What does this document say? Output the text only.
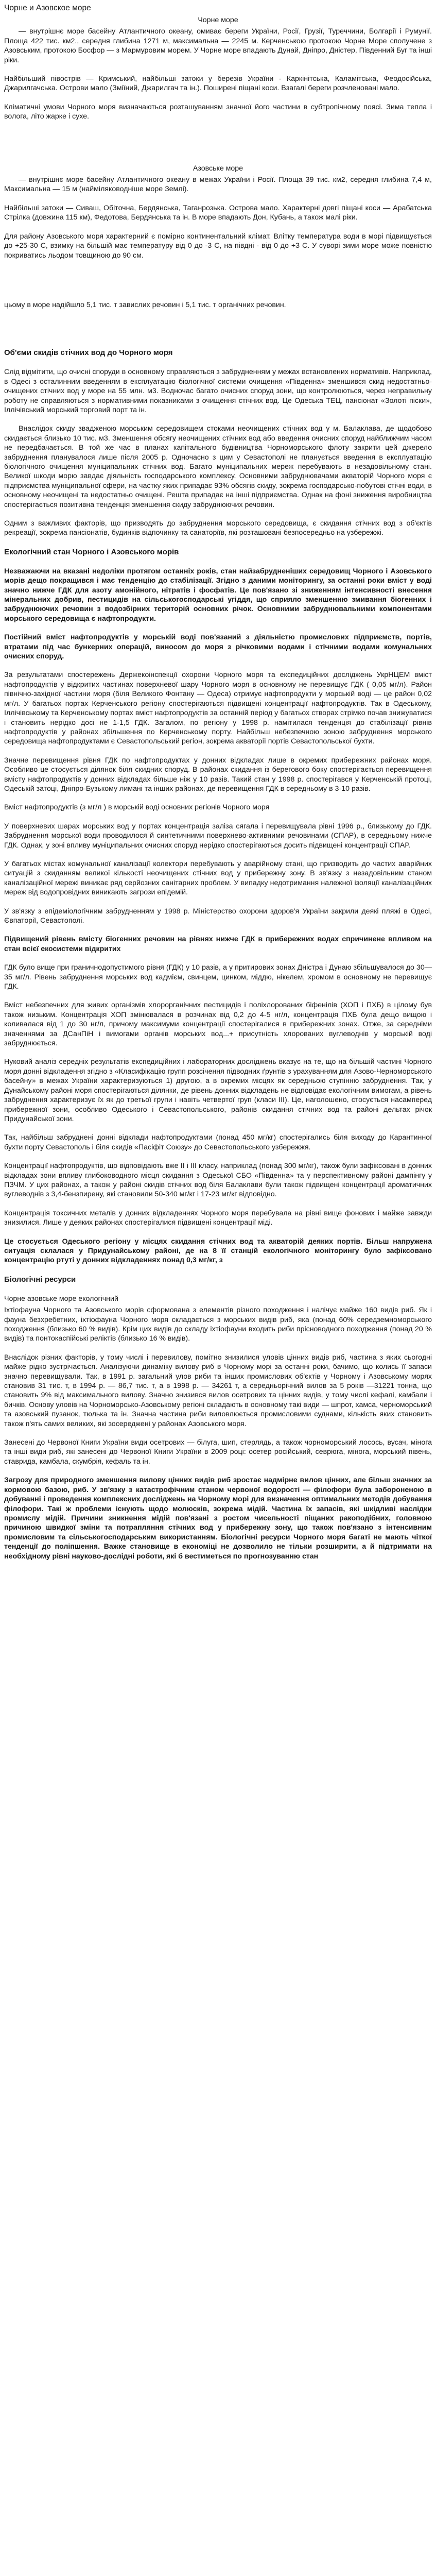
Чорне и Азовское море
Чорне море

— внутрішнє море басейну Атлантичного океану, омиває береги України, Росії, Грузії, Туреччини, Болгарії і Румунії. Площа 422 тис. км2., середня глибина 1271 м, максимальна — 2245 м. Керченською протокою Чорне Море сполучене з Азовським, протокою Босфор — з Мармуровим морем. У Чорне море впадають Дунай, Дніпро, Дністер, Південний Буг та інші ріки.

Найбільший півострів — Кримський, найбільші затоки у березів України - Каркінітська, Каламітська, Феодосійська, Джарилгачська. Острови мало (Зміїний, Джарилгач та ін.). Поширені піщані коси. Взагалі береги розчленовані мало.

Кліматичні умови Чорного моря визначаються розташуванням значної його частини в субтропічному поясі. Зима тепла і волога, літо жарке і сухе.

Азовське море

— внутрішнє море басейну Атлантичного океану в межах України і Росії. Площа 39 тис. км2, середня глибина 7,4 м, Максимальна — 15 м (найміляководніше море Землі).

Найбільші затоки — Сиваш, Обіточна, Бердянська, Таганрозька. Острова мало. Характерні довгі піщані коси — Арабатська Стрілка (довжина 115 км), Федотова, Бердянська та ін. В море впадають Дон, Кубань, а також малі ріки.

Для району Азовського моря характерний є помірно континентальний клімат. Влітку температура води в морі підвищується до +25-30 С, взимку на більшій має температуру від 0 до -3 С, на півдні - від 0 до +3 С. У суворі зими море може повністю покриватись льодом товщиною до 90 см.

цьому в море надійшло 5,1 тис. т завислих речовин і 5,1 тис. т органічних речовин.

Об'єми скидів стічних вод до Чорного моря

Слід відмітити, що очисні споруди в основному справляються з забрудненням у межах встановлених нормативів. Наприклад, в Одесі з осталинним введенням в експлуатацію біологічної системи очищення «Південна» зменшився скид недостатньо-очищених стічних вод у море на 55 млн. м3. Водночас багато очисних споруд зони, що контролюються, через неправильну роботу не справляються з нормативними показниками з очищення стічних вод. Це Одеська ТЕЦ, пансіонат «Золоті піски», Іллічівський морський торговий порт та ін.

Внаслідок скиду звадженою морським середовищем стоками неочищених стічних вод у м. Балаклава, де щодобово скидається близько 10 тис. м3. Зменшення обсягу неочищених стічних вод або введення очисних споруд найближчим часом не передбачається. В той же час в планах капітального будівництва Чорноморського флоту закрити цей джерело забруднення планувалося лише після 2005 р. Одночасно з цим у Севастополі не планується введення в експлуатацію біологічного очищення муніципальних стічних вод. Багато муніципальних мереж перебувають в незадовільному стані. Великої шкоди морю завдає діяльність господарського комплексу. Основними забруднювачами акваторій Чорного моря є підприємства муніципальної сфери, на частку яких припадає 93% обсягів скиду, зокрема господарсько-побутові стічні води, в основному неочищені та недостатньо очищені. Решта припадає на інші підприємства. Однак на фоні зниження виробництва спостерігається позитивна тенденція зменшення скиду забруднюючих речовин.

Одним з важливих факторів, що призводять до забруднення морського середовища, є скидання стічних вод з об'єктів рекреації, зокрема пансіонатів, будинків відпочинку та санаторіїв, які розташовані безпосередньо на узбережжі.

Екологічний стан Чорного і Азовського морів

Незважаючи на вказані недоліки протягом останніх років, стан найзабрудненіших середовищ Чорного і Азовського морів дещо покращився і має тенденцію до стабілізації. Згідно з даними моніторингу, за останні роки вміст у воді значно нижче ГДК для азоту амонійного, нітратів і фосфатів. Це пов'язано зі зниженням інтенсивності внесення мінеральних добрив, пестицидів на сільськогосподарські угіддя, що сприяло зменшенню змивання біогенних і забруднюючих речовин з водозбірних територій основних річок. Основними забруднювальними компонентами морського середовища є нафтопродукти.

Постійний вміст нафтопродуктів у морській воді пов'язаний з діяльністю промислових підприємств, портів, втратами під час бункерних операцій, виносом до моря з річковими водами і стічними водами комунальних очисних споруд.

За результатами спостережень Держекоінспекції охорони Чорного моря та експедиційних досліджень УкрНЦЕМ вміст нафтопродуктів у відкритих частинах поверхневої шару Чорного моря в основному не перевищує ГДК ( 0,05 мг/л). Район північно-західної частини моря (біля Великого Фонтану — Одеса) отримує нафтопродукти у морській воді — це район 0,02 мг/л. У багатьох портах Керченського регіону спостерігаються підвищені концентрації нафтопродуктів. Так в Одеському, Іллічівському та Керченському портах вміст нафтопродуктів за останній період у багатьох створах стрімко почав знижуватися і становить нерідко досі не 1-1,5 ГДК. Загалом, по регіону у 1998 р. намітилася тенденція до стабілізації рівнів нафтопродуктів у районах збільшення по Керченському порту. Найбільш небезпечною зоною забруднення морського середовища нафтопродуктами є Севастопольський регіон, зокрема акваторії портів Севастопольської бухти.

Значне перевищення рівня ГДК по нафтопродуктах у донних відкладах лише в окремих прибережних районах моря. Особливо це стосується ділянок біля скидних споруд. В районах скидання із берегового боку спостерігається перевищення вмісту нафтопродуктів у донних відкладах більше ніж у 10 разів. Такий стан у 1998 р. спостерігався у Керченській протоці, Одеській затоці, Дніпро-Бузькому лимані та інших районах, де перевищення ГДК в середньому в 3-10 разів.

Вміст нафтопродуктів (з мг/л ) в морській воді основних регіонів Чорного моря

У поверхневих шарах морських вод у портах концентрація залізa сягала і перевищувала рівні 1996 р., близькому до ГДК. Забруднення морської води проводилося й синтетичними поверхнево-активними речовинами (СПАР), в середньому нижче ГДК. Однак, у зоні впливу муніципальних очисних споруд нерідко спостерігаються досить підвищені концентрації СПАР.

У багатьох містах комунальної каналізації колектори перебувають у аварійному стані, що призводить до частих аварійних ситуацій з скиданням великої кількості неочищених стічних вод у прибережну зону. В зв'язку з незадовільним станом каналізаційної мережі виникає ряд серйозних санітарних проблем. У випадку недотримання належної ізоляції каналізаційних мереж від водопровідних виникають загрози епідемій.

У зв'язку з епідеміологічним забрудненням у 1998 р. Міністерство охорони здоров'я України закрили деякі пляжі в Одесі, Євпаторії, Севастополі.

Підвищений рівень вмісту біогенних речовин на рівнях нижче ГДК в прибережних водах спричинене впливом на стан всієї екосистеми відкритих

ГДК було вище при граничнодопустимого рівня (ГДК) у 10 разів, а у притирових зонах Дністра і Дунаю збільшувалося до 30—35 мг/л. Рівень забруднення морських вод кадмієм, свинцем, цинком, міддю, нікелем, хромом в основному не перевищує ГДК.

Вміст небезпечних для живих організмів хлорорганічних пестицидів і поліхлорованих біфенілів (ХОП і ПХБ) в цілому був також низьким. Концентрація ХОП змінювалася в розчинах від 0,2 до 4-5 нг/л, концентрація ПХБ була дещо вищою і коливалася від 1 до 30 нг/л, причому максимуми концентрації спостерігалися в прибережних зонах. Отже, за середніми значеннями за ДСанПіН і вимогами органів морських вод...+ присутність хлорованих вуглеводнів у морській воді забруднюється.

Нуковий аналіз середніх результатів експедиційних і лабораторних досліджень вказує на те, що на більшій частині Чорного моря донні відкладення згідно з «Класифікацію групп розсічення підводних ґрунтів з урахуванням для Азово-Черноморського басейну» в межах України характеризуються 1) другою, а в окремих місцях як середньою ступінню забруднення. Так, у Дунайському районі моря спостерігаються ділянки, де рівень донних відкладень не відповідає екологічним вимогам, а рівень забруднення характеризує їх як до третьої групи і навіть четвертої груп (класи III). Це, наголошено, стосується насамперед прибережної зони, особливо Одеського і Севастопольського, районів скидання стічних вод та районі дельтах річок Придунайської зони.

Так, найбільш забруднені донні відклади нафтопродуктами (понад 450 мг/кг) спостерігались біля виходу до Карантинної бухти порту Севастополь і біля скидів «Пасіфіт Союзу» до Севастопольського узбережжя.

Концентрації нафтопродуктів, що відповідають вже II і III класу, наприклад (понад 300 мг/кг), також були зафіксовані в донних відкладах зони впливу глибоководного місця скидання з Одеської СБО «Південна» та у перспективному районі дампінгу у ПЗЧМ. У цих районах, а також у районі скидів стічних вод біля Балаклави були також підвищені концентрації ароматичних вуглеводнів з 3,4-бензпирену, які становили 50-340 мг/кг і 17-23 мг/кг відповідно.

Концентрація токсичних металів у донних відкладеннях Чорного моря перебувала на рівні вище фонових і майже завжди знизилися. Лише у деяких районах спостерігалися підвищені концентрації міді.

Це стосується Одеського регіону у місцях скидання стічних вод та акваторій деяких портів. Більш напружена ситуація склалася у Придунайському районі, де на 8 її станцій екологічного моніторингу було зафіксовано концентрацію ртуті у донних відкладеннях понад 0,3 мг/кг, з

Біологічні ресурси

Чорне азовське море екологічний

Іхтіофауна Чорного та Азовського морів сформована з елементів різного походження і налічує майже 160 видів риб. Як і фауна безхребетних, іхтіофауна Чорного моря складається з морських видів риб, яка (понад 60% середземноморського походження (близько 60 % видів). Крім цих видів до складу іхтіофауни входить риби прісноводного походження (понад 20 % видів) та понтокаспійські реліктів (близько 16 % видів).

Внаслідок різних факторів, у тому числі і перевилову, помітно знизилися уловів цінних видів риб, частина з яких сьогодні майже рідко зустрічається. Аналізуючи динаміку вилову риб в Чорному морі за останні роки, бачимо, що колись її запаси значно перевищували. Так, в 1991 р. загальний улов риби та інших промислових об'єктів у Чорному і Азовському морях становив 31 тис. т, в 1994 р. — 86,7 тис. т, а в 1998 р. — 34261 т, а середньорічний вилов за 5 років —31221 тонна, що становить 9% від максимального вилову. Значно знизився вилов осетрових та цінних видів, у тому числі кефалі, камбали і бичків. Основу уловів на Чорноморсько-Азовському регіоні складають в основному такі види — шпрот, хамса, черноморський та азовський пузанок, тюлька та ін. Значна частина риби виловлюється промисловими суднами, кількість яких становить також п'ять самих великих, які зосереджені у районах Азовського моря.

Занесені до Червоної Книги України види осетрових — білуга, шип, стерлядь, а також чорноморський лосось, вусач, мінога та інші види риб, які занесені до Червоної Книги України в 2009 році: осетер російський, севрюга, мінога, морський півень, ставрида, камбала, скумбрія, кефаль та ін.

Загрозу для природного зменшення вилову цінних видів риб зростає надмірне вилов цінних, але більш значних за кормовою базою, риб. У зв'язку з катастрофічним станом червоної водорості — філофори була забороненою в добуванні і проведення комплексних досліджень на Чорному морі для визначення оптимальних методів добування філофори. Такі ж проблеми існують щодо молюсків, зокрема мідій. Частина їх запасів, які шкідливі наслідки промислу мідій. Причини зникнення мідій пов'язані з ростом чисельності піщаних ракоподібних, головною причиною швидкої зміни та потрапляння стічних вод у прибережну зону, що також пов'язано з інтенсивним промисловим та сільськогосподарським використанням. Біологічні ресурси Чорного моря багаті не мають чіткої тенденції до поліпшення. Важке становище в економіці не дозволило не тільки розширити, а й підтримати на необхідному рівні науково-дослідні роботи, які б вестиметься по прогнозуванню стан
